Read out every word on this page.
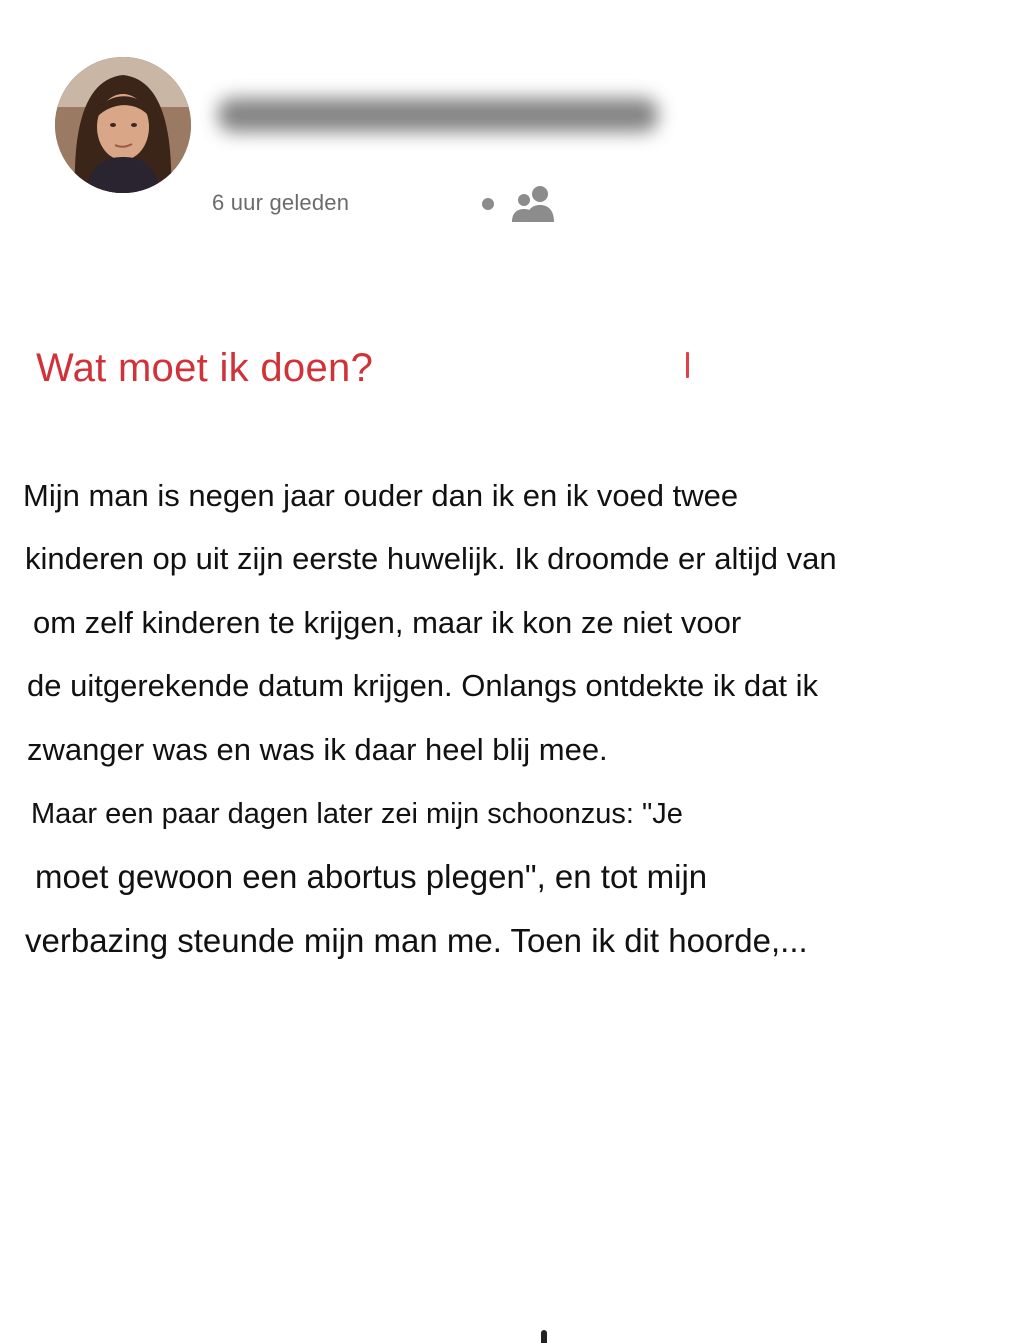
6 uur geleden
Wat moet ik doen?
Mijn man is negen jaar ouder dan ik en ik voed twee
kinderen op uit zijn eerste huwelijk. Ik droomde er altijd van
om zelf kinderen te krijgen, maar ik kon ze niet voor
de uitgerekende datum krijgen. Onlangs ontdekte ik dat ik
zwanger was en was ik daar heel blij mee.
Maar een paar dagen later zei mijn schoonzus: "Je
moet gewoon een abortus plegen", en tot mijn
verbazing steunde mijn man me. Toen ik dit hoorde,...
